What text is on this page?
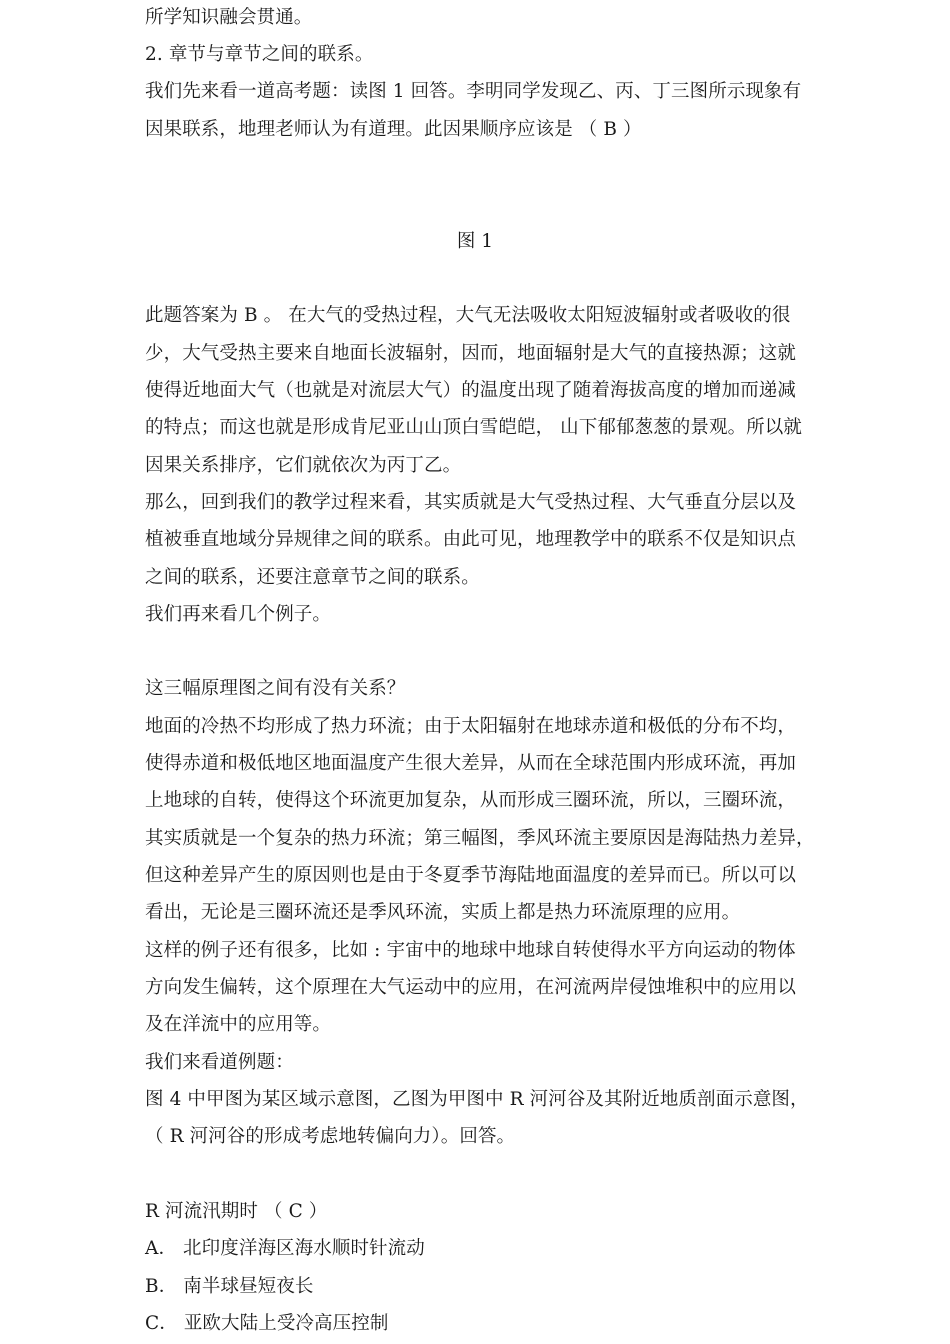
所学知识融会贯通。
2. 章节与章节之间的联系。
我们先来看一道高考题：读图 1 回答。李明同学发现乙、丙、丁三图所示现象有
因果联系，地理老师认为有道理。此因果顺序应该是 （ B ）
图 1
此题答案为 B 。 在大气的受热过程，大气无法吸收太阳短波辐射或者吸收的很
少，大气受热主要来自地面长波辐射，因而，地面辐射是大气的直接热源；这就
使得近地面大气（也就是对流层大气）的温度出现了随着海拔高度的增加而递减
的特点；而这也就是形成肯尼亚山山顶白雪皑皑， 山下郁郁葱葱的景观。所以就
因果关系排序，它们就依次为丙丁乙。
那么，回到我们的教学过程来看，其实质就是大气受热过程、大气垂直分层以及
植被垂直地域分异规律之间的联系。由此可见，地理教学中的联系不仅是知识点
之间的联系，还要注意章节之间的联系。
我们再来看几个例子。
这三幅原理图之间有没有关系？
地面的冷热不均形成了热力环流；由于太阳辐射在地球赤道和极低的分布不均，
使得赤道和极低地区地面温度产生很大差异，从而在全球范围内形成环流，再加
上地球的自转，使得这个环流更加复杂，从而形成三圈环流，所以，三圈环流，
其实质就是一个复杂的热力环流；第三幅图，季风环流主要原因是海陆热力差异，
但这种差异产生的原因则也是由于冬夏季节海陆地面温度的差异而已。所以可以
看出，无论是三圈环流还是季风环流，实质上都是热力环流原理的应用。
这样的例子还有很多，比如 : 宇宙中的地球中地球自转使得水平方向运动的物体
方向发生偏转，这个原理在大气运动中的应用，在河流两岸侵蚀堆积中的应用以
及在洋流中的应用等。
我们来看道例题：
图 4 中甲图为某区域示意图，乙图为甲图中 R 河河谷及其附近地质剖面示意图，
（ R 河河谷的形成考虑地转偏向力）。回答。
R 河流汛期时 （ C ）
A． 北印度洋海区海水顺时针流动
B． 南半球昼短夜长
C． 亚欧大陆上受冷高压控制
